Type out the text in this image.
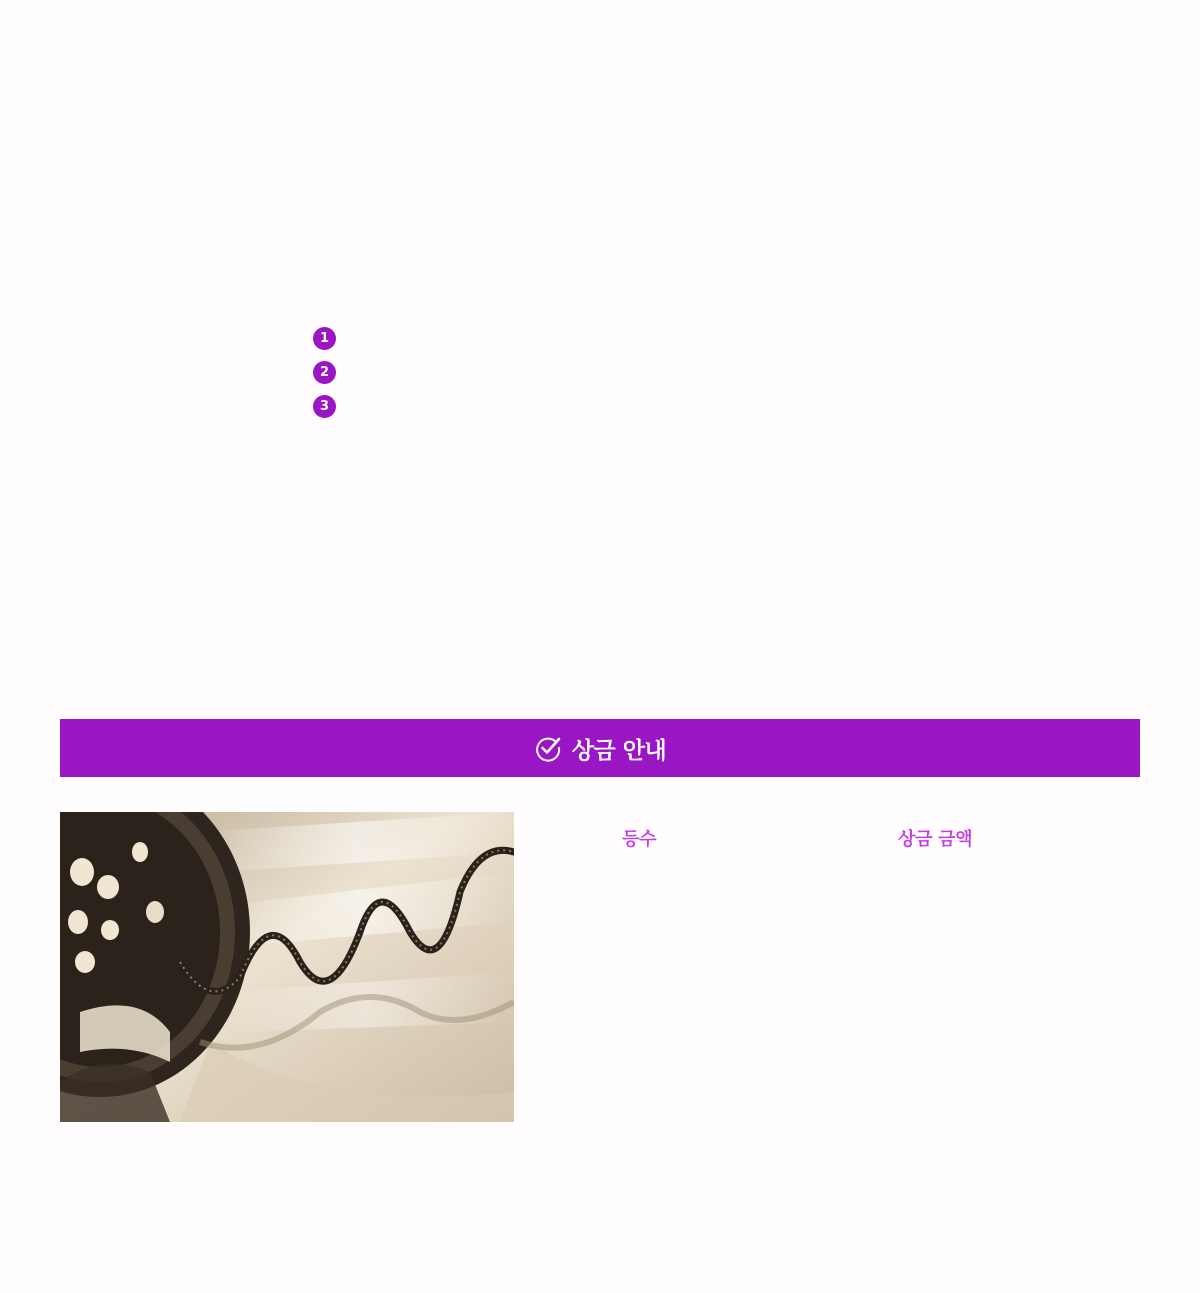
1
2
3
상금 안내
등수	상금 금액
